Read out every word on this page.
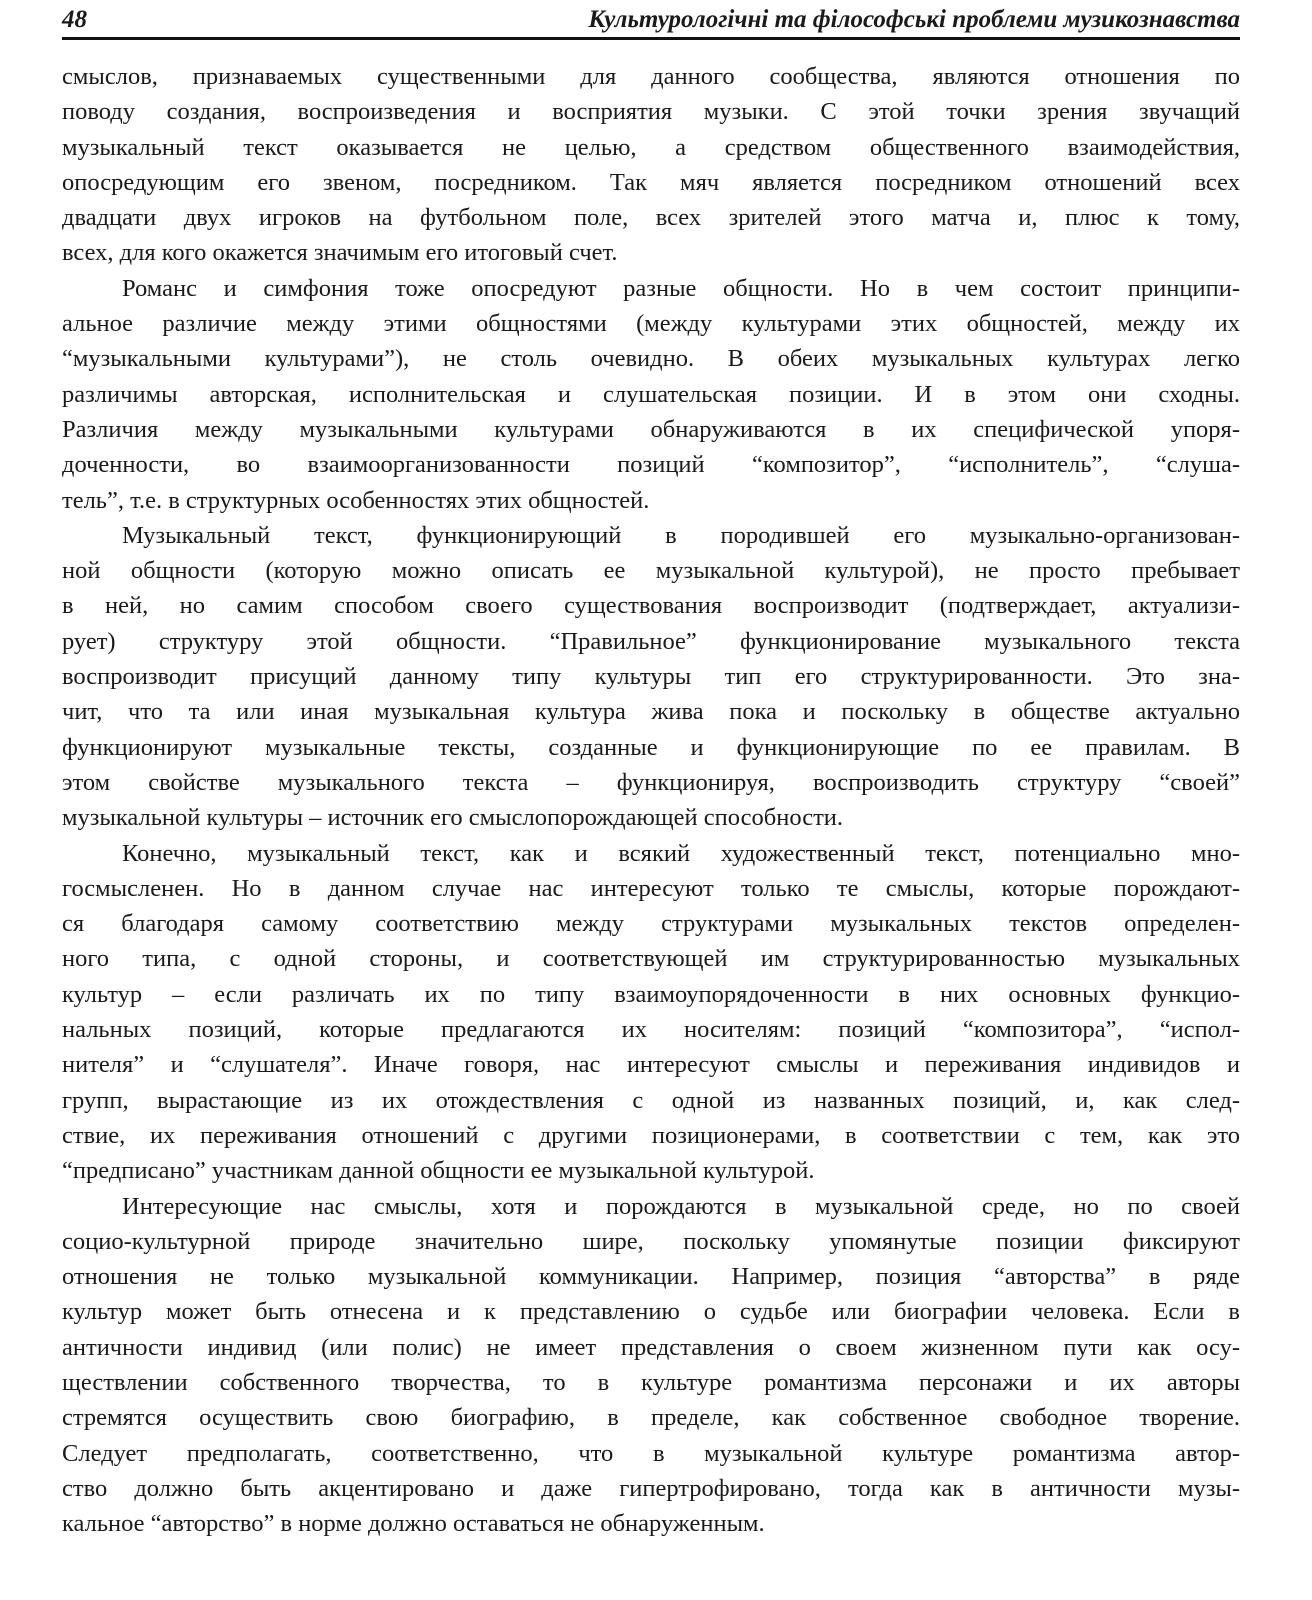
48	Культурологічні та філософські проблеми музикознавства
смыслов, признаваемых существенными для данного сообщества, являются отношения по
поводу создания, воспроизведения и восприятия музыки. С этой точки зрения звучащий
музыкальный текст оказывается не целью, а средством общественного взаимодействия,
опосредующим его звеном, посредником. Так мяч является посредником отношений всех
двадцати двух игроков на футбольном поле, всех зрителей этого матча и, плюс к тому,
всех, для кого окажется значимым его итоговый счет.
Романс и симфония тоже опосредуют разные общности. Но в чем состоит принципи-
альное различие между этими общностями (между культурами этих общностей, между их
“музыкальными культурами”), не столь очевидно. В обеих музыкальных культурах легко
различимы авторская, исполнительская и слушательская позиции. И в этом они сходны.
Различия между музыкальными культурами обнаруживаются в их специфической упоря-
доченности, во взаимоорганизованности позиций “композитор”, “исполнитель”, “слуша-
тель”, т.е. в структурных особенностях этих общностей.
Музыкальный текст, функционирующий в породившей его музыкально-организован-
ной общности (которую можно описать ее музыкальной культурой), не просто пребывает
в ней, но самим способом своего существования воспроизводит (подтверждает, актуализи-
рует) структуру этой общности. “Правильное” функционирование музыкального текста
воспроизводит присущий данному типу культуры тип его структурированности. Это зна-
чит, что та или иная музыкальная культура жива пока и поскольку в обществе актуально
функционируют музыкальные тексты, созданные и функционирующие по ее правилам. В
этом свойстве музыкального текста – функционируя, воспроизводить структуру “своей”
музыкальной культуры – источник его смыслопорождающей способности.
Конечно, музыкальный текст, как и всякий художественный текст, потенциально мно-
госмысленен. Но в данном случае нас интересуют только те смыслы, которые порождают-
ся благодаря самому соответствию между структурами музыкальных текстов определен-
ного типа, с одной стороны, и соответствующей им структурированностью музыкальных
культур – если различать их по типу взаимоупорядоченности в них основных функцио-
нальных позиций, которые предлагаются их носителям: позиций “композитора”, “испол-
нителя” и “слушателя”. Иначе говоря, нас интересуют смыслы и переживания индивидов и
групп, вырастающие из их отождествления с одной из названных позиций, и, как след-
ствие, их переживания отношений с другими позиционерами, в соответствии с тем, как это
“предписано” участникам данной общности ее музыкальной культурой.
Интересующие нас смыслы, хотя и порождаются в музыкальной среде, но по своей
социо-культурной природе значительно шире, поскольку упомянутые позиции фиксируют
отношения не только музыкальной коммуникации. Например, позиция “авторства” в ряде
культур может быть отнесена и к представлению о судьбе или биографии человека. Если в
античности индивид (или полис) не имеет представления о своем жизненном пути как осу-
ществлении собственного творчества, то в культуре романтизма персонажи и их авторы
стремятся осуществить свою биографию, в пределе, как собственное свободное творение.
Следует предполагать, соответственно, что в музыкальной культуре романтизма автор-
ство должно быть акцентировано и даже гипертрофировано, тогда как в античности музы-
кальное “авторство” в норме должно оставаться не обнаруженным.
